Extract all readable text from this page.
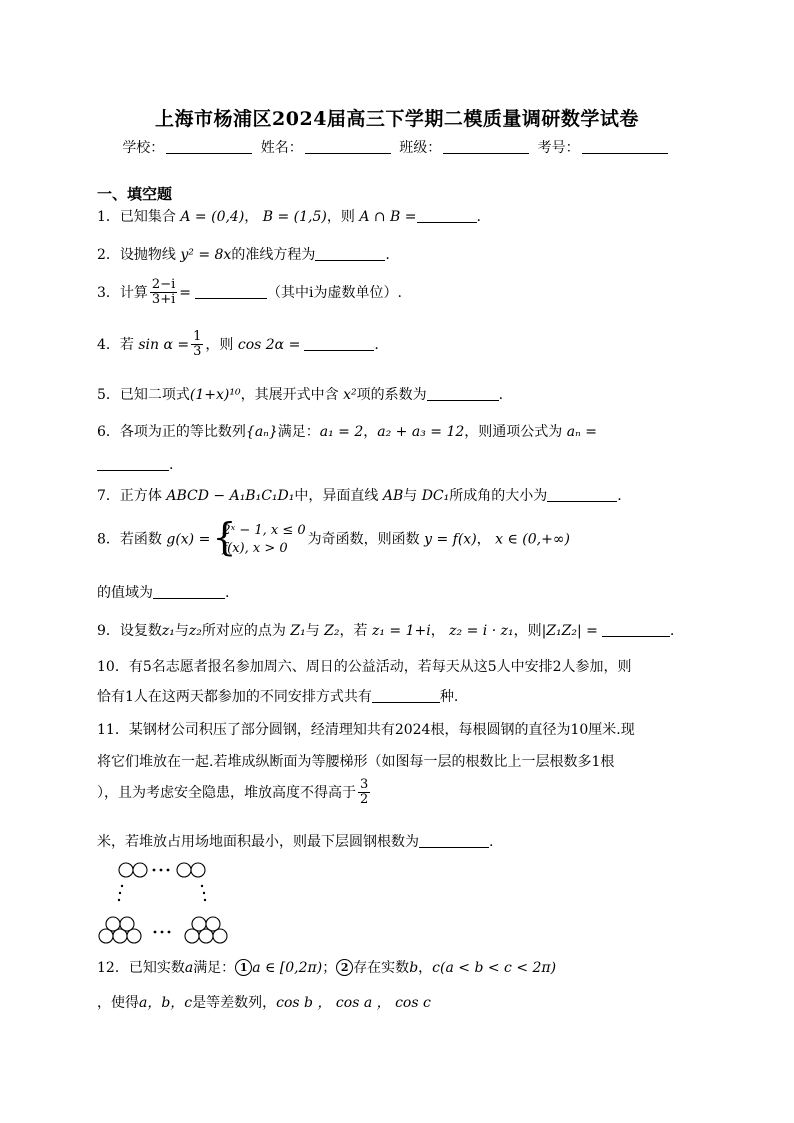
上海市杨浦区2024届高三下学期二模质量调研数学试卷
学校：	姓名：	班级：	考号：
一、填空题
1．已知集合 A = (0,4)， B = (1,5)，则 A ∩ B =	.
2．设抛物线 y² = 8x的准线方程为	.
3．计算 $\frac{2-i}{3+i}$ =	（其中i为虚数单位）.
4．若 $\sin \alpha = \frac{1}{3}$ ，则 cos 2α =	.
5．已知二项式(1+x)¹⁰，其展开式中含 x²项的系数为	.
6．各项为正的等比数列{aₙ}满足：a₁ = 2，a₂ + a₃ = 12，则通项公式为 aₙ =
.
7．正方体 ABCD − A₁B₁C₁D₁中，异面直线 AB与 DC₁所成角的大小为	.
8．若函数 g(x) = {
2ˣ − 1, x ≤ 0
f(x), x > 0
为奇函数，则函数 y = f(x)， x ∈ (0,+∞)
的值域为	.
9．设复数z₁与z₂所对应的点为 Z₁与 Z₂，若 z₁ = 1+i， z₂ = i · z₁，则|Z₁Z₂| =	.
10．有5名志愿者报名参加周六、周日的公益活动，若每天从这5人中安排2人参加，则
恰有1人在这两天都参加的不同安排方式共有	种.
11．某钢材公司积压了部分圆钢，经清理知共有2024根，每根圆钢的直径为10厘米.现
将它们堆放在一起.若堆成纵断面为等腰梯形（如图每一层的根数比上一层根数多1根
），且为考虑安全隐患，堆放高度不得高于 $\frac{3}{2}$
米，若堆放占用场地面积最小，则最下层圆钢根数为	.
12．已知实数a满足： 1 a ∈ [0,2π)； 2 存在实数b，c(a < b < c < 2π)
，使得a，b，c是等差数列，cos b ， cos a ， cos c
